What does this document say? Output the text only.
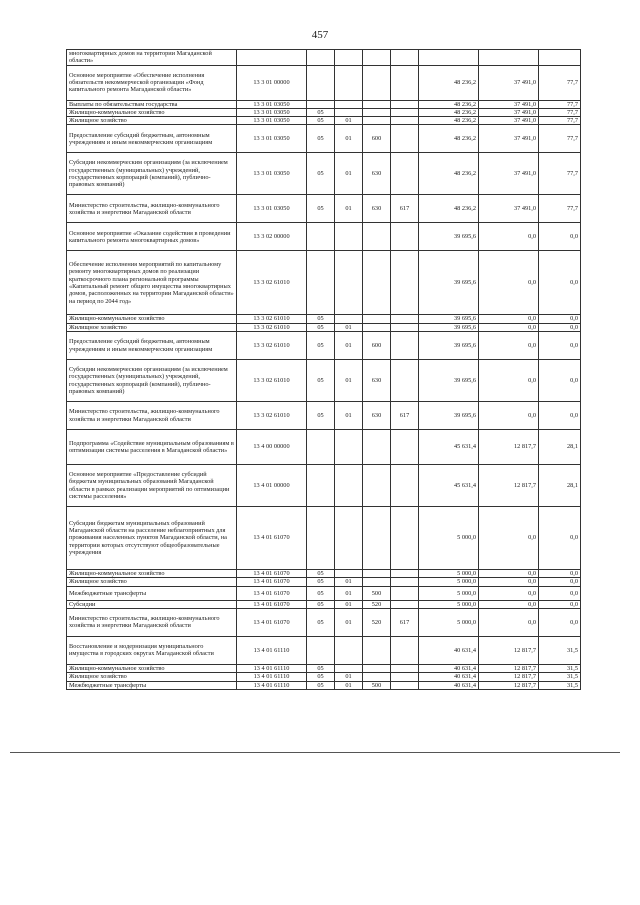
457
многоквартирных домов на территории Магаданской области»								
Основное мероприятие «Обеспечение исполнения обязательств некоммерческой организации «Фонд капитального ремонта Магаданской области»	13 3 01 00000					48 236,2	37 491,0	77,7
Выплаты по обязательствам государства	13 3 01 03050					48 236,2	37 491,0	77,7
Жилищно-коммунальное хозяйство	13 3 01 03050	05				48 236,2	37 491,0	77,7
Жилищное хозяйство	13 3 01 03050	05	01			48 236,2	37 491,0	77,7
Предоставление субсидий бюджетным, автономным учреждениям и иным некоммерческим организациям	13 3 01 03050	05	01	600		48 236,2	37 491,0	77,7
Субсидии некоммерческим организациям (за исключением государственных (муниципальных) учреждений, государственных корпораций (компаний), публично-правовых компаний)	13 3 01 03050	05	01	630		48 236,2	37 491,0	77,7
Министерство строительства, жилищно-коммунального хозяйства и энергетики Магаданской области	13 3 01 03050	05	01	630	617	48 236,2	37 491,0	77,7
Основное мероприятие «Оказание содействия в проведении капитального ремонта многоквартирных домов»	13 3 02 00000					39 695,6	0,0	0,0
Обеспечение исполнения мероприятий по капитальному ремонту многоквартирных домов по реализации краткосрочного плана региональной программы «Капитальный ремонт общего имущества многоквартирных домов, расположенных на территории Магаданской области» на период по 2044 год»	13 3 02 61010					39 695,6	0,0	0,0
Жилищно-коммунальное хозяйство	13 3 02 61010	05				39 695,6	0,0	0,0
Жилищное хозяйство	13 3 02 61010	05	01			39 695,6	0,0	0,0
Предоставление субсидий бюджетным, автономным учреждениям и иным некоммерческим организациям	13 3 02 61010	05	01	600		39 695,6	0,0	0,0
Субсидии некоммерческим организациям (за исключением государственных (муниципальных) учреждений, государственных корпораций (компаний), публично-правовых компаний)	13 3 02 61010	05	01	630		39 695,6	0,0	0,0
Министерство строительства, жилищно-коммунального хозяйства и энергетики Магаданской области	13 3 02 61010	05	01	630	617	39 695,6	0,0	0,0
Подпрограмма «Содействие муниципальным образованиям в оптимизации системы расселения в Магаданской области»	13 4 00 00000					45 631,4	12 817,7	28,1
Основное мероприятие «Предоставление субсидий бюджетам муниципальных образований Магаданской области в рамках реализации мероприятий по оптимизации системы расселения»	13 4 01 00000					45 631,4	12 817,7	28,1
Субсидии бюджетам муниципальных образований Магаданской области на расселение неблагоприятных для проживания населенных пунктов Магаданской области, на территории которых отсутствуют общеобразовательные учреждения	13 4 01 61070					5 000,0	0,0	0,0
Жилищно-коммунальное хозяйство	13 4 01 61070	05				5 000,0	0,0	0,0
Жилищное хозяйство	13 4 01 61070	05	01			5 000,0	0,0	0,0
Межбюджетные трансферты	13 4 01 61070	05	01	500		5 000,0	0,0	0,0
Субсидии	13 4 01 61070	05	01	520		5 000,0	0,0	0,0
Министерство строительства, жилищно-коммунального хозяйства и энергетики Магаданской области	13 4 01 61070	05	01	520	617	5 000,0	0,0	0,0
Восстановление и модернизация муниципального имущества в городских округах Магаданской области	13 4 01 61110					40 631,4	12 817,7	31,5
Жилищно-коммунальное хозяйство	13 4 01 61110	05				40 631,4	12 817,7	31,5
Жилищное хозяйство	13 4 01 61110	05	01			40 631,4	12 817,7	31,5
Межбюджетные трансферты	13 4 01 61110	05	01	500		40 631,4	12 817,7	31,5
